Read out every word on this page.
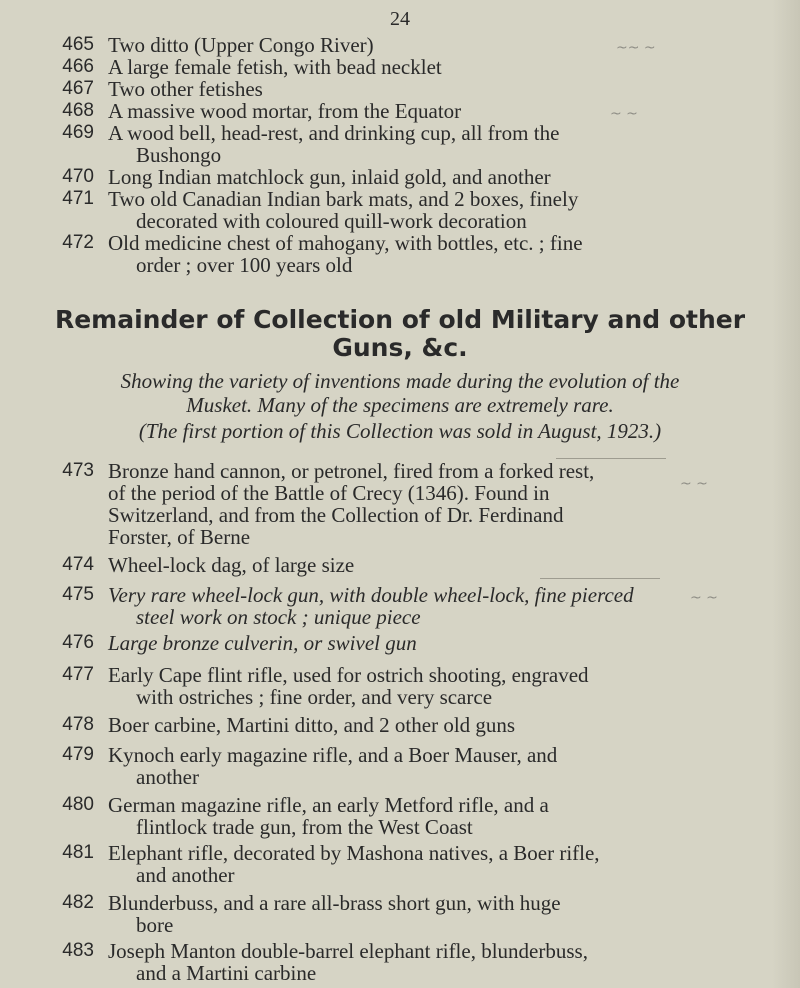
24
465 Two ditto (Upper Congo River)
466 A large female fetish, with bead necklet
467 Two other fetishes
468 A massive wood mortar, from the Equator
469 A wood bell, head-rest, and drinking cup, all from the
Bushongo
470 Long Indian matchlock gun, inlaid gold, and another
471 Two old Canadian Indian bark mats, and 2 boxes, finely
decorated with coloured quill-work decoration
472 Old medicine chest of mahogany, with bottles, etc. ; fine
order ; over 100 years old
Remainder of Collection of old Military and other
Guns, &c.
Showing the variety of inventions made during the evolution of the
Musket. Many of the specimens are extremely rare.
(The first portion of this Collection was sold in August, 1923.)
473 Bronze hand cannon, or petronel, fired from a forked rest,
of the period of the Battle of Crecy (1346). Found in
Switzerland, and from the Collection of Dr. Ferdinand
Forster, of Berne
474 Wheel-lock dag, of large size
475 Very rare wheel-lock gun, with double wheel-lock, fine pierced
steel work on stock ; unique piece
476 Large bronze culverin, or swivel gun
477 Early Cape flint rifle, used for ostrich shooting, engraved
with ostriches ; fine order, and very scarce
478 Boer carbine, Martini ditto, and 2 other old guns
479 Kynoch early magazine rifle, and a Boer Mauser, and
another
480 German magazine rifle, an early Metford rifle, and a
flintlock trade gun, from the West Coast
481 Elephant rifle, decorated by Mashona natives, a Boer rifle,
and another
482 Blunderbuss, and a rare all-brass short gun, with huge
bore
483 Joseph Manton double-barrel elephant rifle, blunderbuss,
and a Martini carbine
~~ ~
~ ~
~ ~
~ ~
